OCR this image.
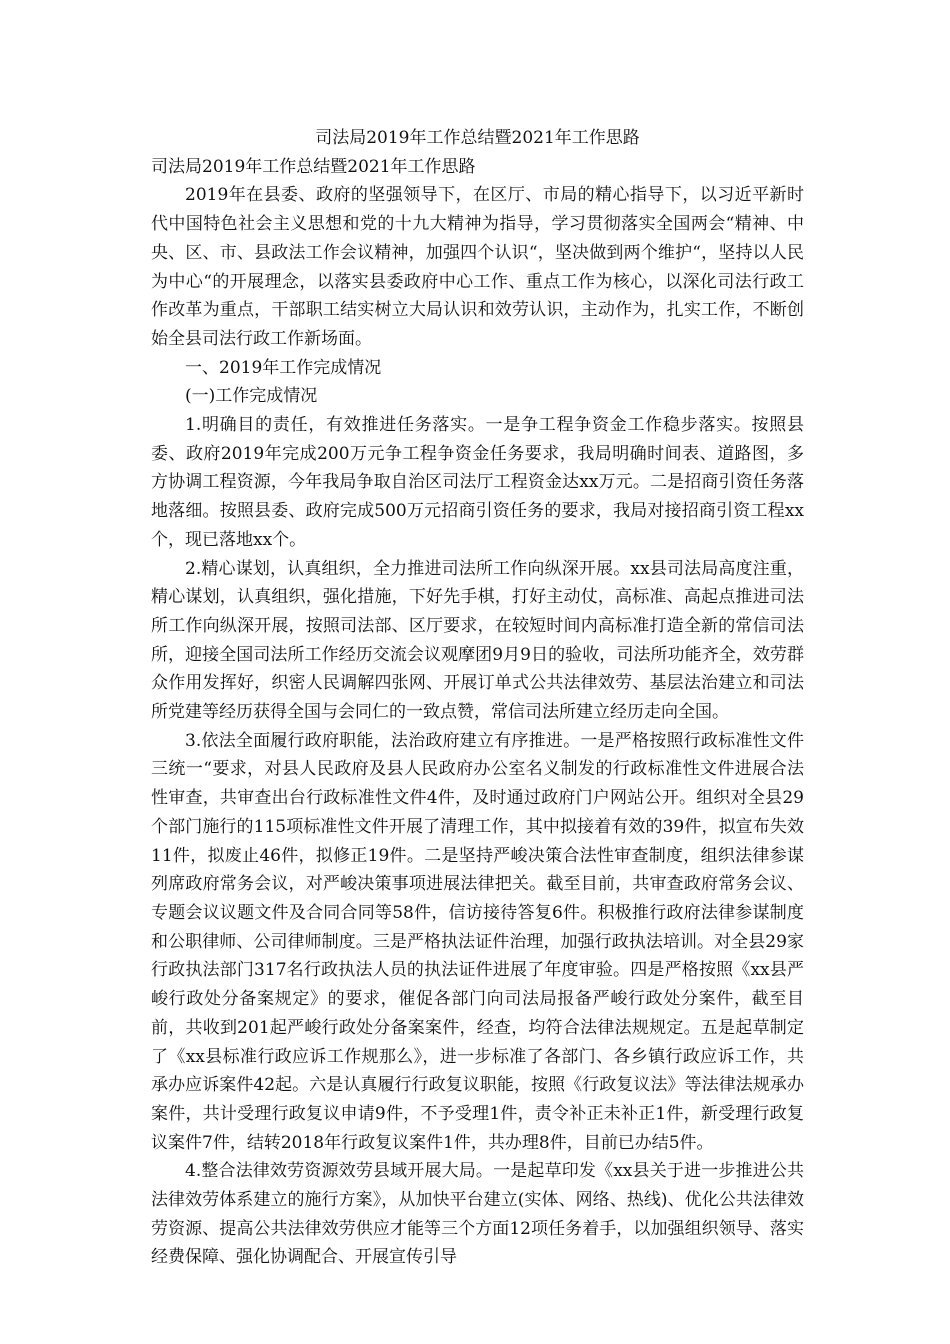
司法局2019年工作总结暨2021年工作思路

司法局2019年工作总结暨2021年工作思路

2019年在县委、政府的坚强领导下，在区厅、市局的精心指导下，以习近平新时代中国特色社会主义思想和党的十九大精神为指导，学习贯彻落实全国两会“精神、中央、区、市、县政法工作会议精神，加强四个认识“，坚决做到两个维护“，坚持以人民为中心“的开展理念，以落实县委政府中心工作、重点工作为核心，以深化司法行政工作改革为重点，干部职工结实树立大局认识和效劳认识，主动作为，扎实工作，不断创始全县司法行政工作新场面。

一、2019年工作完成情况

(一)工作完成情况

1.明确目的责任，有效推进任务落实。一是争工程争资金工作稳步落实。按照县委、政府2019年完成200万元争工程争资金任务要求，我局明确时间表、道路图，多方协调工程资源，今年我局争取自治区司法厅工程资金达xx万元。二是招商引资任务落地落细。按照县委、政府完成500万元招商引资任务的要求，我局对接招商引资工程xx个，现已落地xx个。

2.精心谋划，认真组织，全力推进司法所工作向纵深开展。xx县司法局高度注重，精心谋划，认真组织，强化措施，下好先手棋，打好主动仗，高标准、高起点推进司法所工作向纵深开展，按照司法部、区厅要求，在较短时间内高标准打造全新的常信司法所，迎接全国司法所工作经历交流会议观摩团9月9日的验收，司法所功能齐全，效劳群众作用发挥好，织密人民调解四张网、开展订单式公共法律效劳、基层法治建立和司法所党建等经历获得全国与会同仁的一致点赞，常信司法所建立经历走向全国。

3.依法全面履行政府职能，法治政府建立有序推进。一是严格按照行政标准性文件三统一“要求，对县人民政府及县人民政府办公室名义制发的行政标准性文件进展合法性审查，共审查出台行政标准性文件4件，及时通过政府门户网站公开。组织对全县29个部门施行的115项标准性文件开展了清理工作，其中拟接着有效的39件，拟宣布失效11件，拟废止46件，拟修正19件。二是坚持严峻决策合法性审查制度，组织法律参谋列席政府常务会议，对严峻决策事项进展法律把关。截至目前，共审查政府常务会议、专题会议议题文件及合同合同等58件，信访接待答复6件。积极推行政府法律参谋制度和公职律师、公司律师制度。三是严格执法证件治理，加强行政执法培训。对全县29家行政执法部门317名行政执法人员的执法证件进展了年度审验。四是严格按照《xx县严峻行政处分备案规定》的要求，催促各部门向司法局报备严峻行政处分案件，截至目前，共收到201起严峻行政处分备案案件，经查，均符合法律法规规定。五是起草制定了《xx县标准行政应诉工作规那么》，进一步标准了各部门、各乡镇行政应诉工作，共承办应诉案件42起。六是认真履行行政复议职能，按照《行政复议法》等法律法规承办案件，共计受理行政复议申请9件，不予受理1件，责令补正未补正1件，新受理行政复议案件7件，结转2018年行政复议案件1件，共办理8件，目前已办结5件。

4.整合法律效劳资源效劳县域开展大局。一是起草印发《xx县关于进一步推进公共法律效劳体系建立的施行方案》，从加快平台建立(实体、网络、热线)、优化公共法律效劳资源、提高公共法律效劳供应才能等三个方面12项任务着手，以加强组织领导、落实经费保障、强化协调配合、开展宣传引导
